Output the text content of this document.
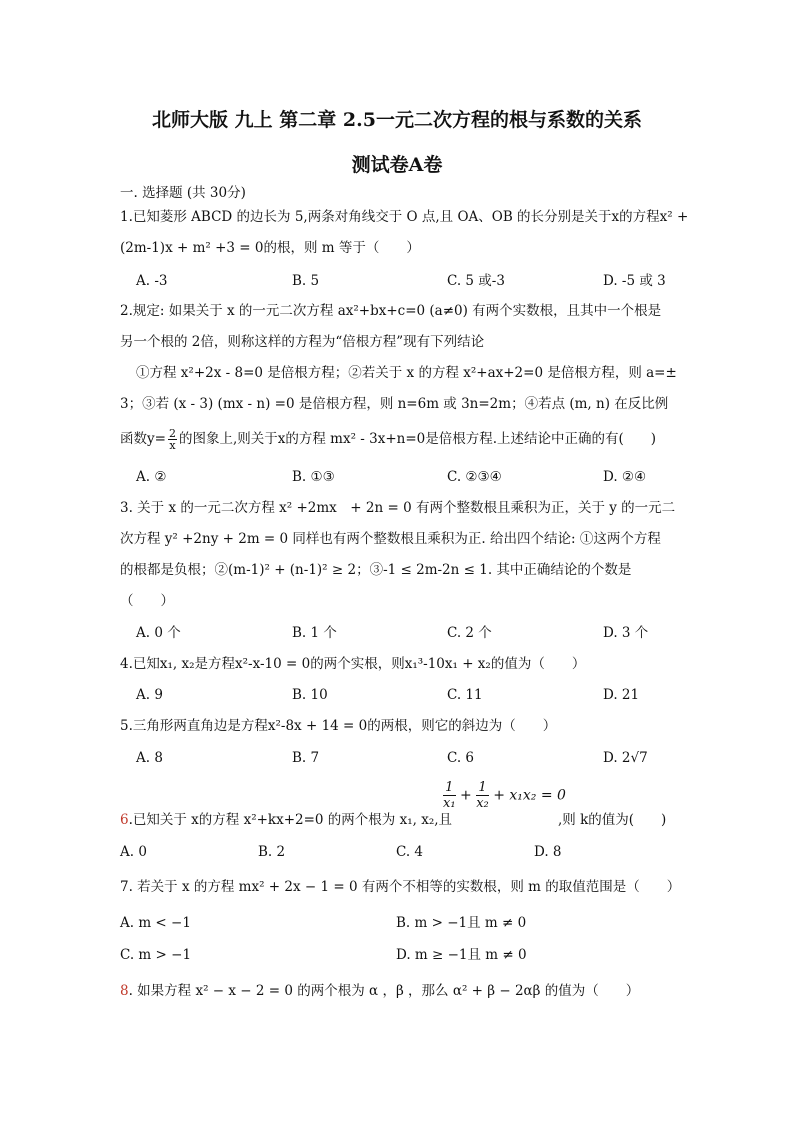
北师大版 九上 第二章 2.5一元二次方程的根与系数的关系
测试卷A卷
一. 选择题 (共 30分)
1.已知菱形 ABCD 的边长为 5,两条对角线交于 O 点,且 OA、OB 的长分别是关于x的方程x² +
(2m-1)x + m² +3 = 0的根，则 m 等于（　　）
A. -3	B. 5	C. 5 或-3	D. -5 或 3
2.规定: 如果关于 x 的一元二次方程 ax²+bx+c=0 (a≠0) 有两个实数根，且其中一个根是
另一个根的 2倍，则称这样的方程为“倍根方程”现有下列结论
①方程 x²+2x - 8=0 是倍根方程；②若关于 x 的方程 x²+ax+2=0 是倍根方程，则 a=±
3；③若 (x - 3) (mx - n) =0 是倍根方程，则 n=6m 或 3n=2m；④若点 (m, n) 在反比例
函数$y= \frac{2}{x}$ 的图象上,则关于x的方程 mx² - 3x+n=0是倍根方程.上述结论中正确的有(　　)
A. ②	B. ①③	C. ②③④	D. ②④
3. 关于 x 的一元二次方程 x² +2mx　+ 2n = 0 有两个整数根且乘积为正，关于 y 的一元二
次方程 y² +2ny + 2m = 0 同样也有两个整数根且乘积为正. 给出四个结论: ①这两个方程
的根都是负根；②(m-1)² + (n-1)² ≥ 2；③-1 ≤ 2m-2n ≤ 1. 其中正确结论的个数是
（　　）
A. 0 个	B. 1 个	C. 2 个	D. 3 个
4.已知x₁, x₂是方程x²-x-10 = 0的两个实根，则x₁³-10x₁ + x₂的值为（　　）
A. 9	B. 10	C. 11	D. 21
5.三角形两直角边是方程x²-8x + 14 = 0的两根，则它的斜边为（　　）
A. 8	B. 7	C. 6	D. 2√7
$\frac{1}{\text{x₁}} + \frac{1}{\text{x₂}} + x_1x_2 = 0$
6.已知关于 x的方程 x²+kx+2=0 的两个根为 x₁, x₂,且	,则 k的值为(　　)
A. 0	B. 2	C. 4	D. 8
7. 若关于 x 的方程 mx² + 2x − 1 = 0 有两个不相等的实数根，则 m 的取值范围是（　　）
A. m < −1	B. m > −1且 m ≠ 0
C. m > −1	D. m ≥ −1且 m ≠ 0
8. 如果方程 x² − x − 2 = 0 的两个根为 α ，β ，那么 α² + β − 2αβ 的值为（　　）
